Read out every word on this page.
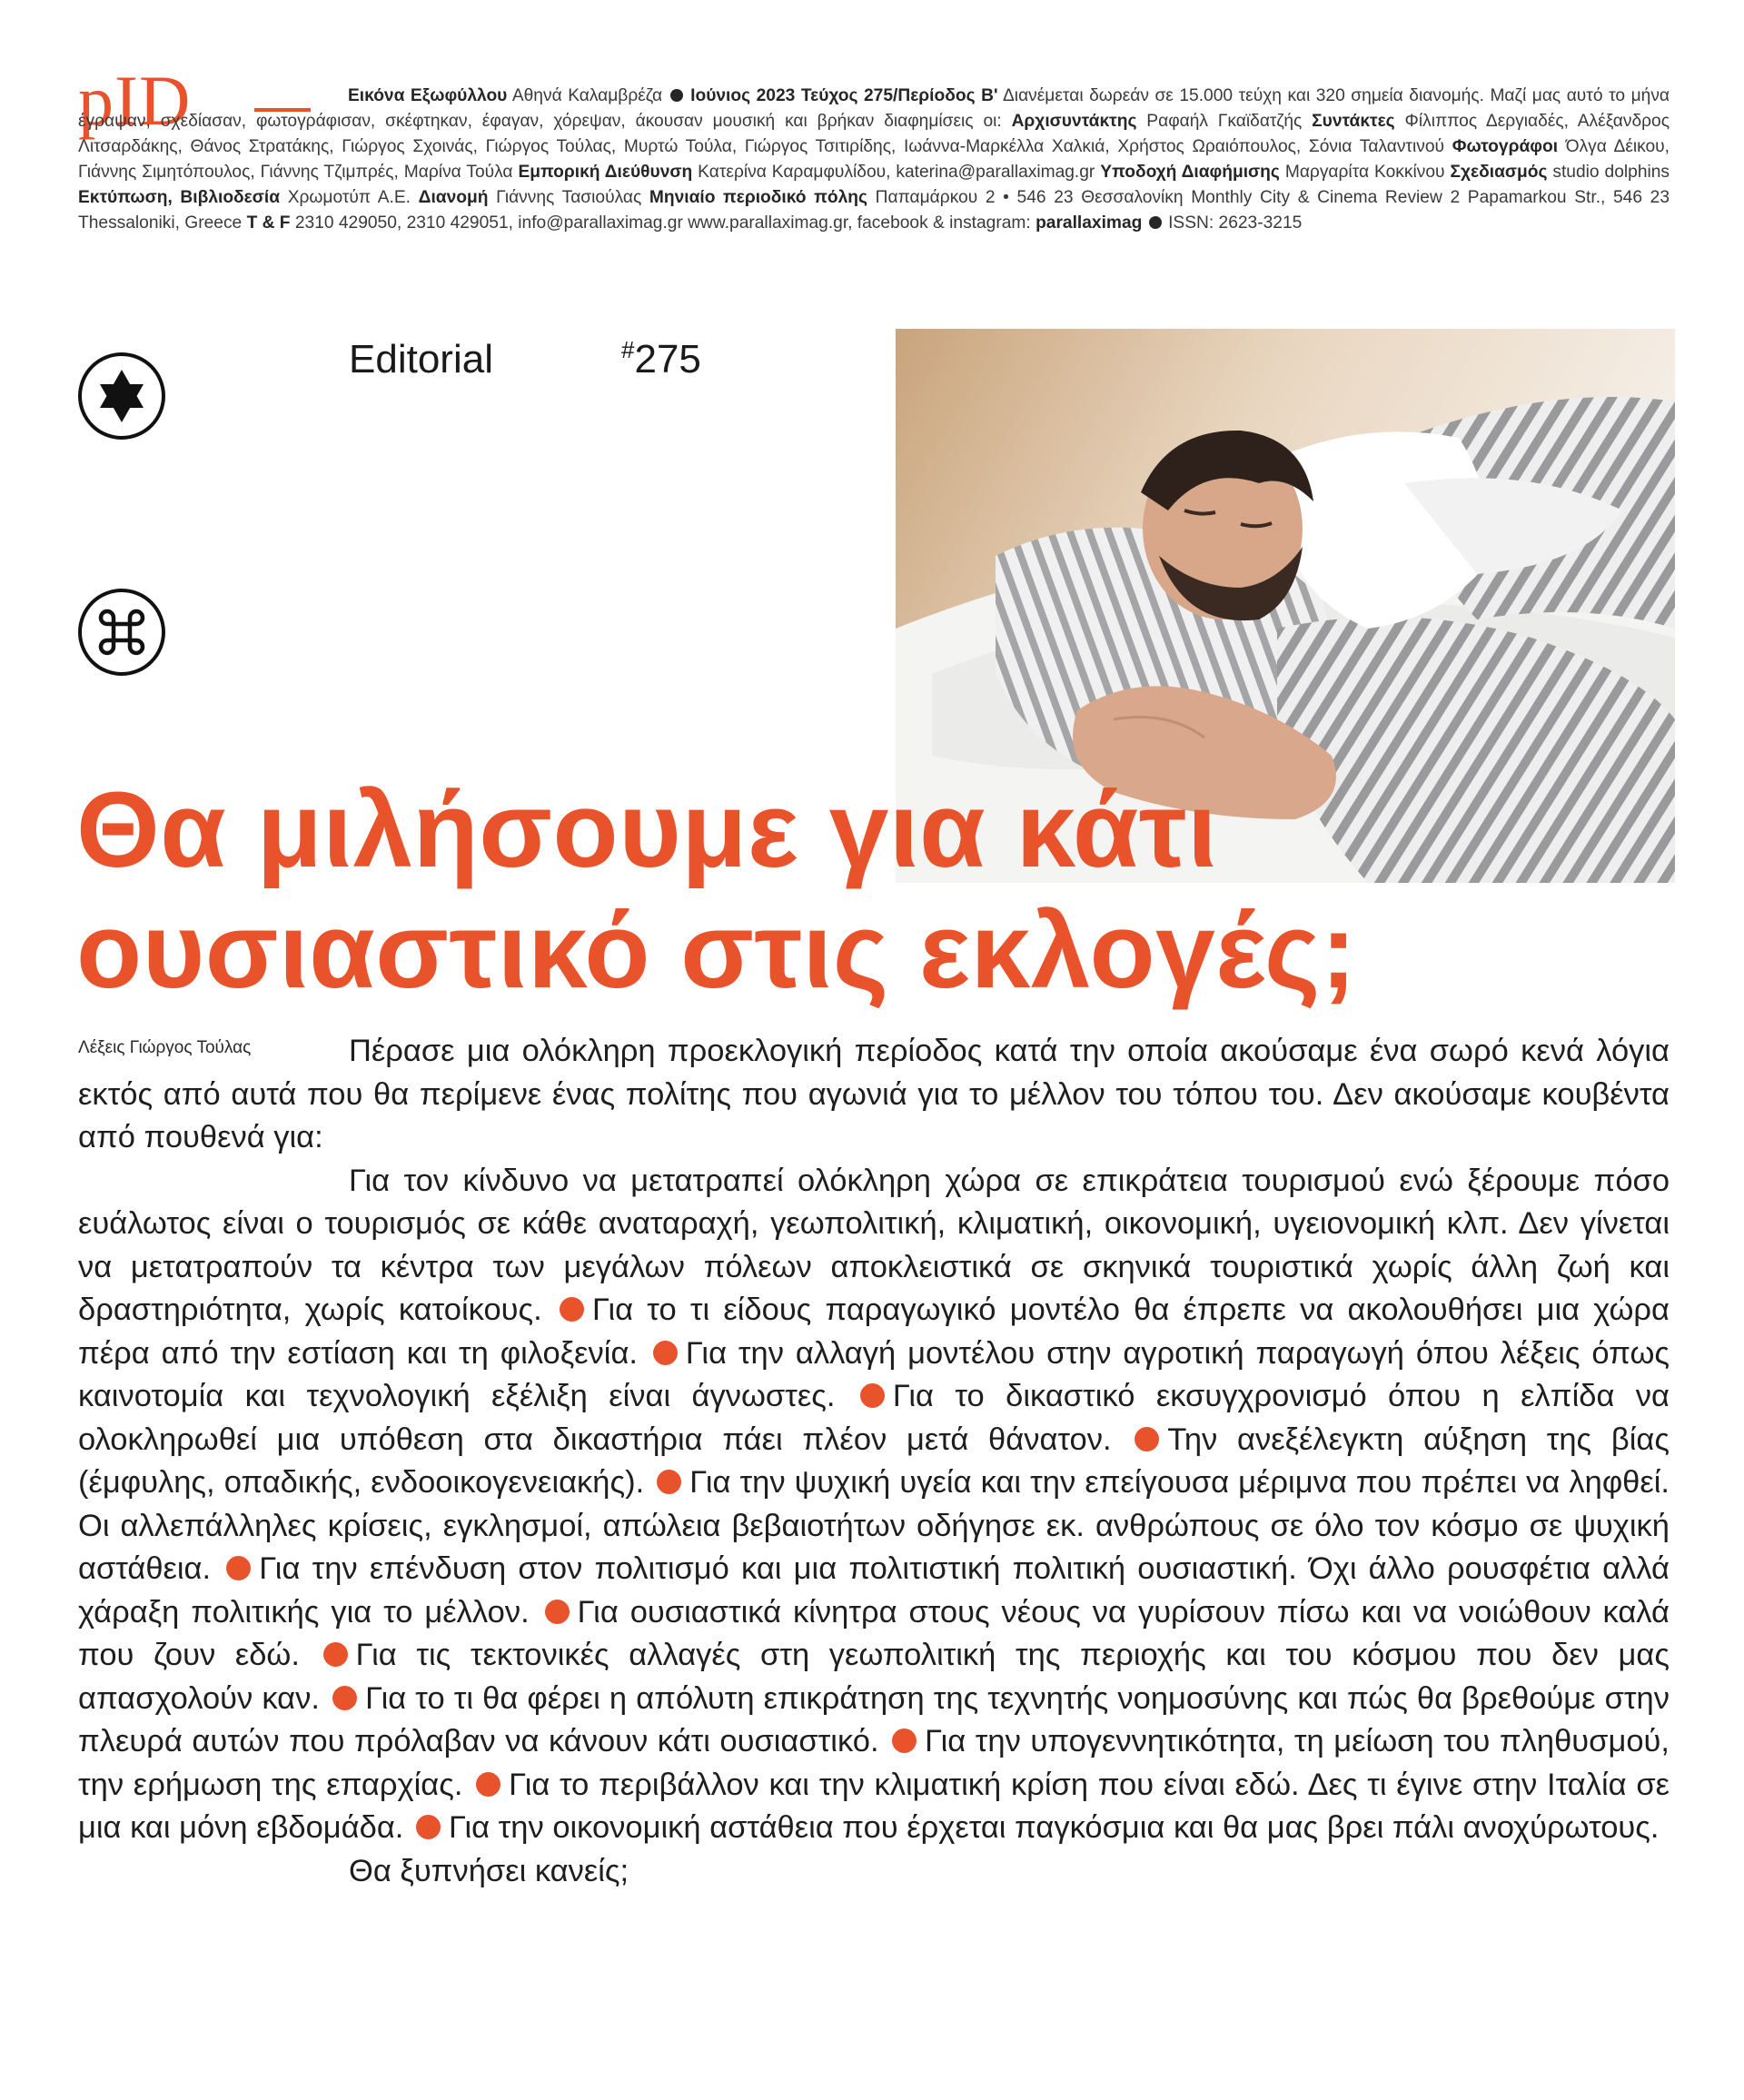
pID	Εικόνα Εξωφύλλου Αθηνά Καλαμβρέζα Ιούνιος 2023 Τεύχος 275/Περίοδος Β' Διανέμεται δωρεάν σε 15.000 τεύχη και 320 σημεία διανομής. Μαζί μας αυτό το μήνα έγραψαν, σχεδίασαν, φωτογράφισαν, σκέφτηκαν, έφαγαν, χόρεψαν, άκουσαν μουσική και βρήκαν διαφημίσεις οι: Αρχισυντάκτης Ραφαήλ Γκαϊδατζής Συντάκτες Φίλιππος Δεργιαδές, Αλέξανδρος Λιτσαρδάκης, Θάνος Στρατάκης, Γιώργος Σχοινάς, Γιώργος Τούλας, Μυρτώ Τούλα, Γιώργος Τσιτιρίδης, Ιωάννα-Μαρκέλλα Χαλκιά, Χρήστος Ωραιόπουλος, Σόνια Ταλαντινού Φωτογράφοι Όλγα Δέικου, Γιάννης Σιμητόπουλος, Γιάννης Τζιμπρές, Μαρίνα Τούλα Εμπορική Διεύθυνση Κατερίνα Καραμφυλίδου, katerina@parallaximag.gr Υποδοχή Διαφήμισης Μαργαρίτα Κοκκίνου Σχεδιασμός studio dolphins Εκτύπωση, Βιβλιοδεσία Χρωμοτύπ Α.Ε. Διανομή Γιάννης Τασιούλας Μηνιαίο περιοδικό πόλης Παπαμάρκου 2 • 546 23 Θεσσαλονίκη Monthly City & Cinema Review 2 Papamarkou Str., 546 23 Thessaloniki, Greece T & F 2310 429050, 2310 429051, info@parallaximag.gr www.parallaximag.gr, facebook & instagram: parallaximag ISSN: 2623-3215

Editorial	#275
Θα μιλήσουμε για κάτι ουσιαστικό στις εκλογές;
Λέξεις Γιώργος Τούλας	Πέρασε μια ολόκληρη προεκλογική περίοδος κατά την οποία ακούσαμε ένα σωρό κενά λόγια εκτός από αυτά που θα περίμενε ένας πολίτης που αγωνιά για το μέλλον του τόπου του. Δεν ακούσαμε κουβέντα από πουθενά για:

Για τον κίνδυνο να μετατραπεί ολόκληρη χώρα σε επικράτεια τουρισμού ενώ ξέρουμε πόσο ευάλωτος είναι ο τουρισμός σε κάθε αναταραχή, γεωπολιτική, κλιματική, οικονομική, υγειονομική κλπ. Δεν γίνεται να μετατραπούν τα κέντρα των μεγάλων πόλεων αποκλειστικά σε σκηνικά τουριστικά χωρίς άλλη ζωή και δραστηριότητα, χωρίς κατοίκους. Για το τι είδους παραγωγικό μοντέλο θα έπρεπε να ακολουθήσει μια χώρα πέρα από την εστίαση και τη φιλοξενία. Για την αλλαγή μοντέλου στην αγροτική παραγωγή όπου λέξεις όπως καινοτομία και τεχνολογική εξέλιξη είναι άγνωστες. Για το δικαστικό εκσυγχρονισμό όπου η ελπίδα να ολοκληρωθεί μια υπόθεση στα δικαστήρια πάει πλέον μετά θάνατον. Την ανεξέλεγκτη αύξηση της βίας (έμφυλης, οπαδικής, ενδοοικογενειακής). Για την ψυχική υγεία και την επείγουσα μέριμνα που πρέπει να ληφθεί. Οι αλλεπάλληλες κρίσεις, εγκλησμοί, απώλεια βεβαιοτήτων οδήγησε εκ. ανθρώπους σε όλο τον κόσμο σε ψυχική αστάθεια. Για την επένδυση στον πολιτισμό και μια πολιτιστική πολιτική ουσιαστική. Όχι άλλο ρουσφέτια αλλά χάραξη πολιτικής για το μέλλον. Για ουσιαστικά κίνητρα στους νέους να γυρίσουν πίσω και να νοιώθουν καλά που ζουν εδώ. Για τις τεκτονικές αλλαγές στη γεωπολιτική της περιοχής και του κόσμου που δεν μας απασχολούν καν. Για το τι θα φέρει η απόλυτη επικράτηση της τεχνητής νοημοσύνης και πώς θα βρεθούμε στην πλευρά αυτών που πρόλαβαν να κάνουν κάτι ουσιαστικό. Για την υπογεννητικότητα, τη μείωση του πληθυσμού, την ερήμωση της επαρχίας. Για το περιβάλλον και την κλιματική κρίση που είναι εδώ. Δες τι έγινε στην Ιταλία σε μια και μόνη εβδομάδα. Για την οικονομική αστάθεια που έρχεται παγκόσμια και θα μας βρει πάλι ανοχύρωτους.

Θα ξυπνήσει κανείς;
